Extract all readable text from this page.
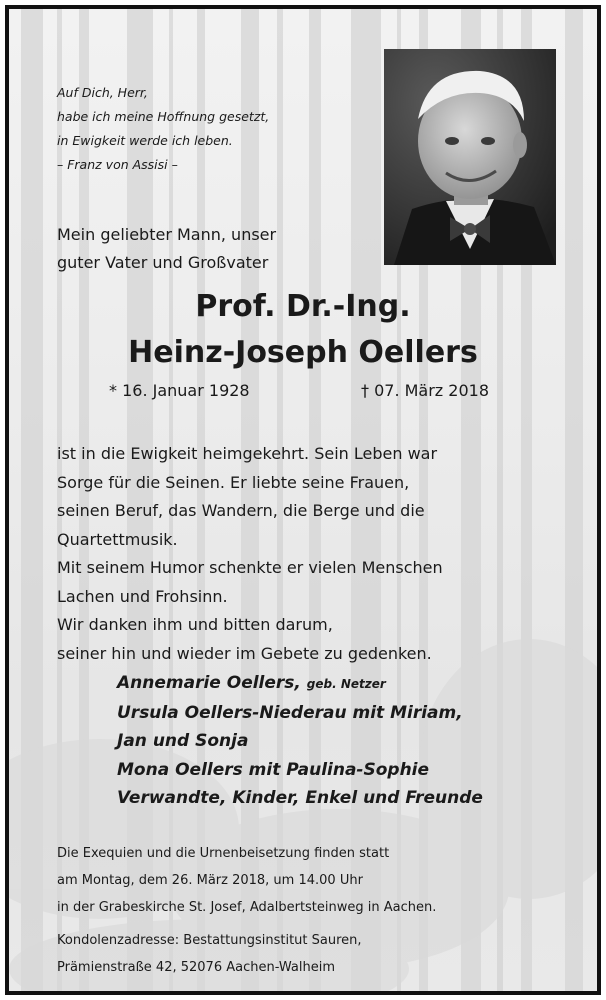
Auf Dich, Herr,
habe ich meine Hoffnung gesetzt,
in Ewigkeit werde ich leben.
– Franz von Assisi –
Mein geliebter Mann, unser
guter Vater und Großvater
Prof. Dr.-Ing.
Heinz-Joseph Oellers
* 16. Januar 1928	† 07. März 2018
ist in die Ewigkeit heimgekehrt. Sein Leben war
Sorge für die Seinen. Er liebte seine Frauen,
seinen Beruf, das Wandern, die Berge und die
Quartettmusik.
Mit seinem Humor schenkte er vielen Menschen
Lachen und Frohsinn.
Wir danken ihm und bitten darum,
seiner hin und wieder im Gebete zu gedenken.
Annemarie Oellers, geb. Netzer
Ursula Oellers-Niederau mit Miriam,
Jan und Sonja
Mona Oellers mit Paulina-Sophie
Verwandte, Kinder, Enkel und Freunde
Die Exequien und die Urnenbeisetzung finden statt
am Montag, dem 26. März 2018, um 14.00 Uhr
in der Grabeskirche St. Josef, Adalbertsteinweg in Aachen.
Kondolenzadresse: Bestattungsinstitut Sauren,
Prämienstraße 42, 52076 Aachen-Walheim
